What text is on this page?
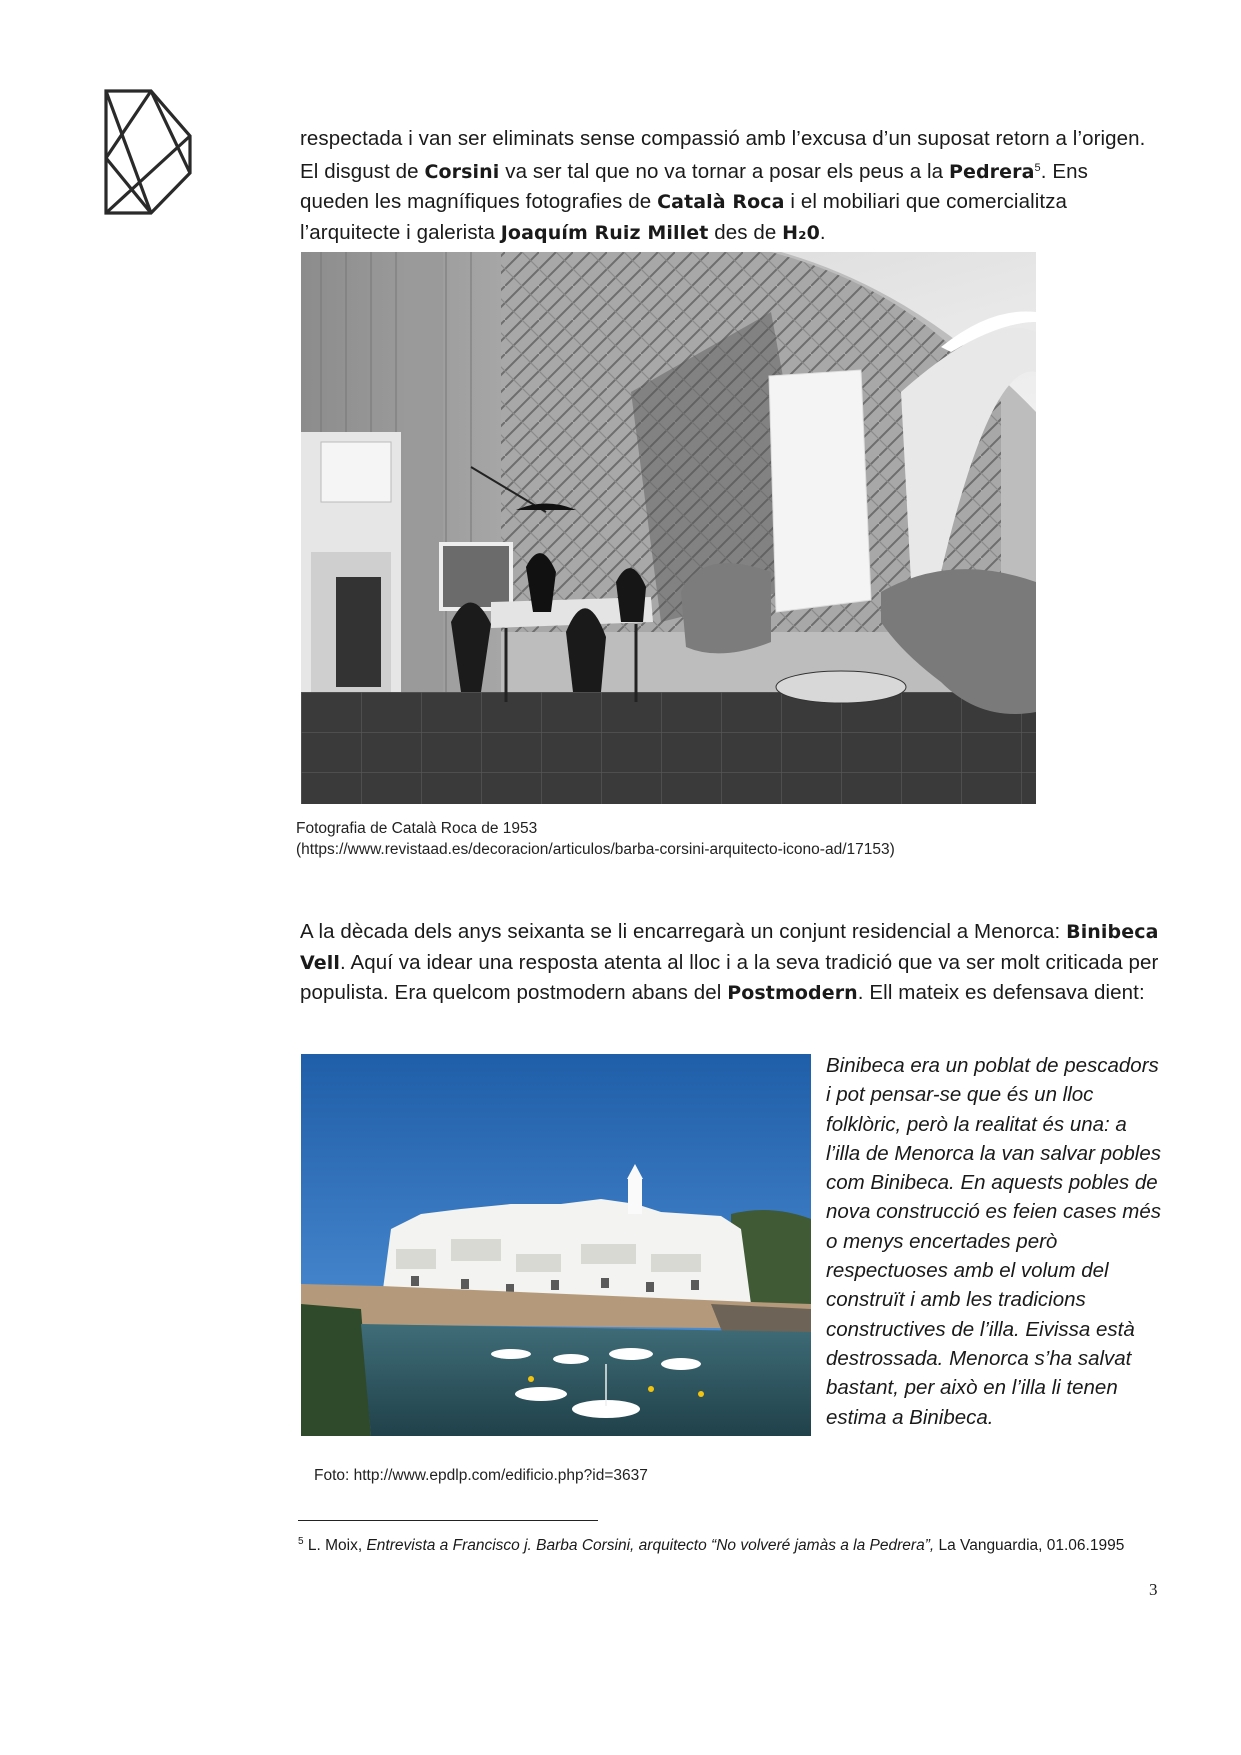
respectada i van ser eliminats sense compassió amb l’excusa d’un suposat retorn a l’origen. El disgust de Corsini va ser tal que no va tornar a posar els peus a la Pedrera$^5$. Ens queden les magnífiques fotografies de Català Roca i el mobiliari que comercialitza l’arquitecte i galerista Joaquím Ruiz Millet des de H₂0.
Fotografia de Català Roca de 1953
(https://www.revistaad.es/decoracion/articulos/barba-corsini-arquitecto-icono-ad/17153)
A la dècada dels anys seixanta se li encarregarà un conjunt residencial a Menorca: Binibeca Vell. Aquí va idear una resposta atenta al lloc i a la seva tradició que va ser molt criticada per populista. Era quelcom postmodern abans del Postmodern. Ell mateix es defensava dient:
Foto: http://www.epdlp.com/edificio.php?id=3637
Binibeca era un poblat de pescadors i pot pensar-se que és un lloc folklòric, però la realitat és una: a l’illa de Menorca la van salvar pobles com Binibeca. En aquests pobles de nova construcció es feien cases més o menys encertades però respectuoses amb el volum del construït i amb les tradicions constructives de l’illa. Eivissa està destrossada. Menorca s’ha salvat bastant, per això en l’illa li tenen estima a Binibeca.
$^5$ L. Moix, Entrevista a Francisco j. Barba Corsini, arquitecto “No volveré jamàs a la Pedrera”, La Vanguardia, 01.06.1995
3
